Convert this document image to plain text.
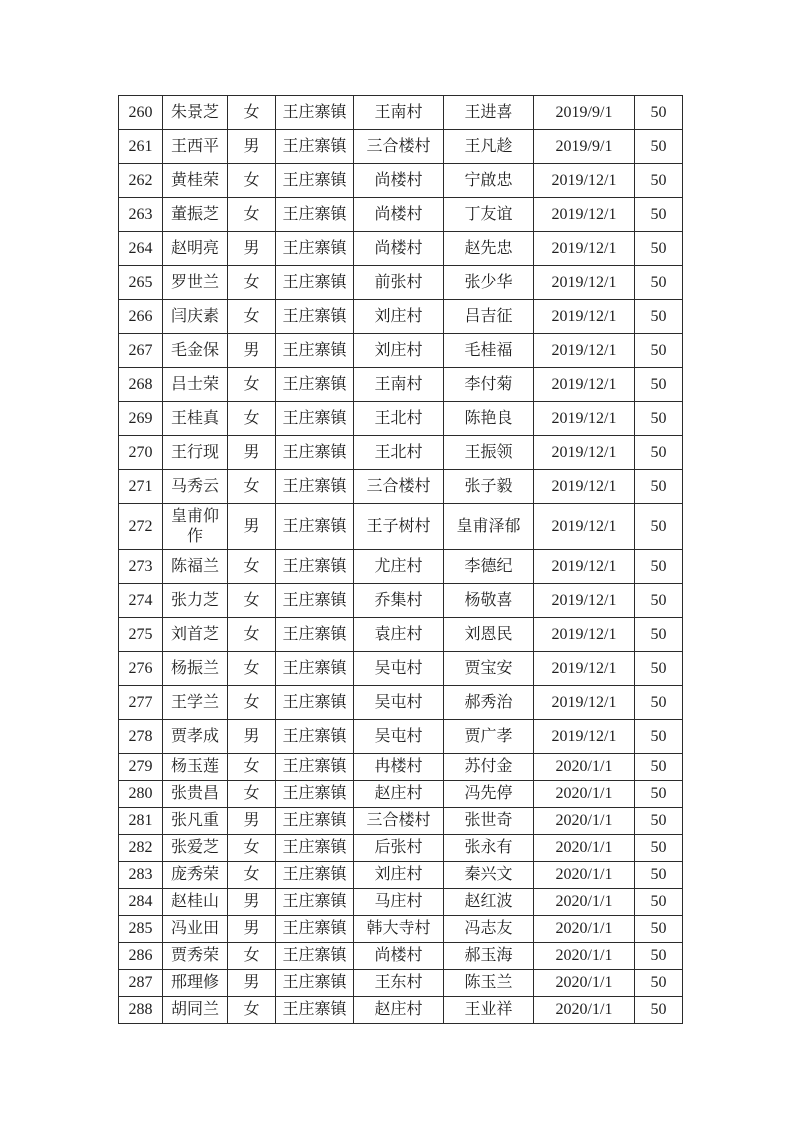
260	朱景芝	女	王庄寨镇	王南村	王进喜	2019/9/1	50
261	王西平	男	王庄寨镇	三合楼村	王凡趁	2019/9/1	50
262	黄桂荣	女	王庄寨镇	尚楼村	宁啟忠	2019/12/1	50
263	董振芝	女	王庄寨镇	尚楼村	丁友谊	2019/12/1	50
264	赵明亮	男	王庄寨镇	尚楼村	赵先忠	2019/12/1	50
265	罗世兰	女	王庄寨镇	前张村	张少华	2019/12/1	50
266	闫庆素	女	王庄寨镇	刘庄村	吕吉征	2019/12/1	50
267	毛金保	男	王庄寨镇	刘庄村	毛桂福	2019/12/1	50
268	吕士荣	女	王庄寨镇	王南村	李付菊	2019/12/1	50
269	王桂真	女	王庄寨镇	王北村	陈艳良	2019/12/1	50
270	王行现	男	王庄寨镇	王北村	王振领	2019/12/1	50
271	马秀云	女	王庄寨镇	三合楼村	张子毅	2019/12/1	50
272	皇甫仰作	男	王庄寨镇	王子树村	皇甫泽郁	2019/12/1	50
273	陈福兰	女	王庄寨镇	尤庄村	李德纪	2019/12/1	50
274	张力芝	女	王庄寨镇	乔集村	杨敬喜	2019/12/1	50
275	刘首芝	女	王庄寨镇	袁庄村	刘恩民	2019/12/1	50
276	杨振兰	女	王庄寨镇	吴屯村	贾宝安	2019/12/1	50
277	王学兰	女	王庄寨镇	吴屯村	郝秀治	2019/12/1	50
278	贾孝成	男	王庄寨镇	吴屯村	贾广孝	2019/12/1	50
279	杨玉莲	女	王庄寨镇	冉楼村	苏付金	2020/1/1	50
280	张贵昌	女	王庄寨镇	赵庄村	冯先停	2020/1/1	50
281	张凡重	男	王庄寨镇	三合楼村	张世奇	2020/1/1	50
282	张爱芝	女	王庄寨镇	后张村	张永有	2020/1/1	50
283	庞秀荣	女	王庄寨镇	刘庄村	秦兴文	2020/1/1	50
284	赵桂山	男	王庄寨镇	马庄村	赵红波	2020/1/1	50
285	冯业田	男	王庄寨镇	韩大寺村	冯志友	2020/1/1	50
286	贾秀荣	女	王庄寨镇	尚楼村	郝玉海	2020/1/1	50
287	邢理修	男	王庄寨镇	王东村	陈玉兰	2020/1/1	50
288	胡同兰	女	王庄寨镇	赵庄村	王业祥	2020/1/1	50
